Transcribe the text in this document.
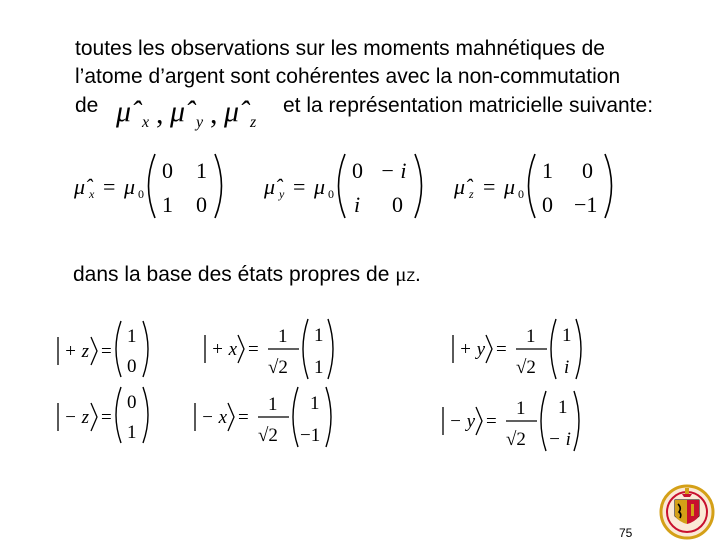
toutes les observations sur les moments mahnétiques de
l’atome d’argent sont cohérentes avec la non-commutation
de	et la représentation matricielle suivante:
μ̂ x , μ̂ y , μ̂ z
μ̂ x = μ 0
0 1
1 0
μ̂ y = μ 0
0 − i
i 0
μ̂ z = μ 0
1 0
0 −1
dans la base des états propres de μZ.
+ z =
1
0
− z =
0
1
+ x =
1
√2
1
1
− x =
1
√2
1
−1
+ y =
1
√2
1
i
− y =
1
√2
1
− i
75
